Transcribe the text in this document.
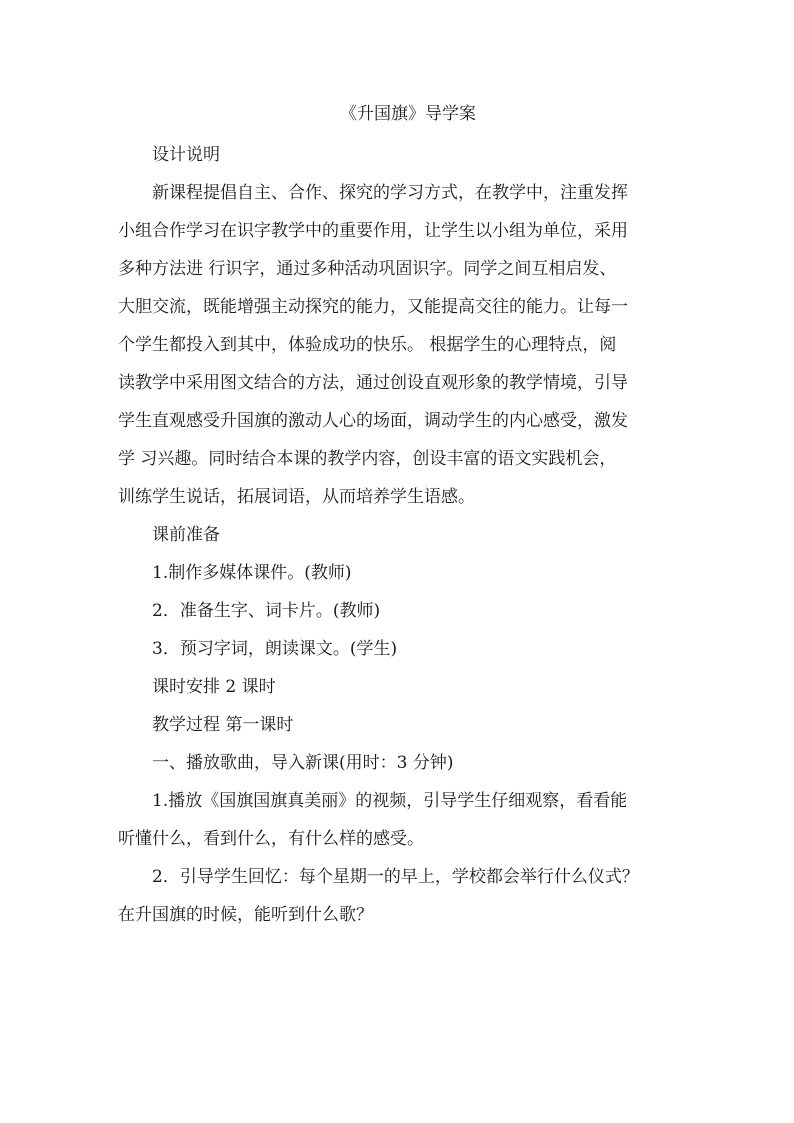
《升国旗》导学案

设计说明

新课程提倡自主、合作、探究的学习方式，在教学中，注重发挥
小组合作学习在识字教学中的重要作用，让学生以小组为单位，采用
多种方法进 行识字，通过多种活动巩固识字。同学之间互相启发、
大胆交流，既能增强主动探究的能力，又能提高交往的能力。让每一
个学生都投入到其中，体验成功的快乐。 根据学生的心理特点，阅
读教学中采用图文结合的方法，通过创设直观形象的教学情境，引导
学生直观感受升国旗的激动人心的场面，调动学生的内心感受，激发
学 习兴趣。同时结合本课的教学内容，创设丰富的语文实践机会，
训练学生说话，拓展词语，从而培养学生语感。

课前准备

1.制作多媒体课件。(教师)

2．准备生字、词卡片。(教师)

3．预习字词，朗读课文。(学生)

课时安排 2 课时

教学过程 第一课时

一、播放歌曲，导入新课(用时：3 分钟)

1.播放《国旗国旗真美丽》的视频，引导学生仔细观察，看看能
听懂什么，看到什么，有什么样的感受。
2．引导学生回忆：每个星期一的早上，学校都会举行什么仪式？
在升国旗的时候，能听到什么歌？
